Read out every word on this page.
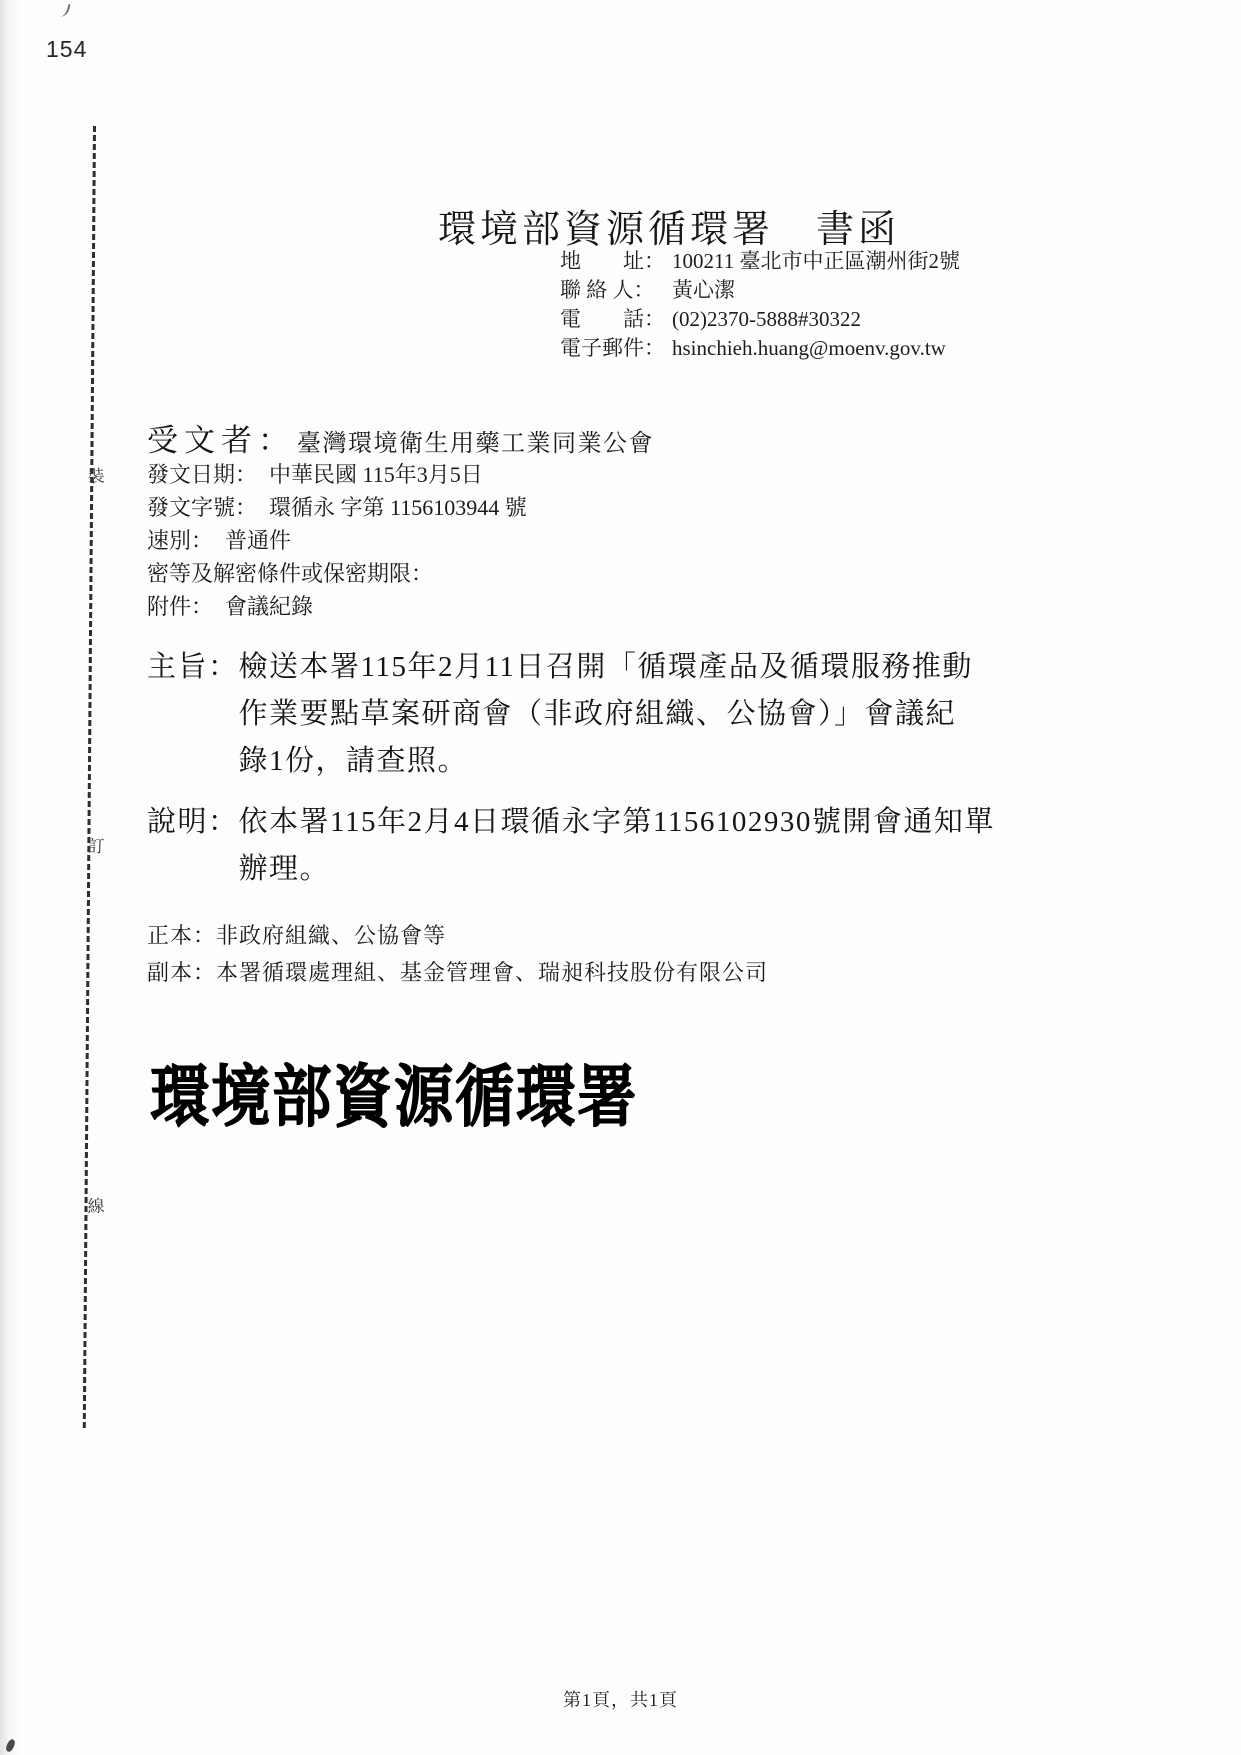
154
裝
訂
線
環境部資源循環署　書函
地　　址： 100211 臺北市中正區潮州街2號
聯 絡 人： 黃心潔
電　　話： (02)2370-5888#30322
電子郵件： hsinchieh.huang@moenv.gov.tw
受文者： 臺灣環境衛生用藥工業同業公會
發文日期： 中華民國 115年3月5日
發文字號： 環循永 字第 1156103944 號
速別： 普通件
密等及解密條件或保密期限：
附件： 會議紀錄
主旨： 檢送本署115年2月11日召開「循環產品及循環服務推動
作業要點草案研商會（非政府組織、公協會）」會議紀
錄1份，請查照。
說明： 依本署115年2月4日環循永字第1156102930號開會通知單
辦理。
正本：非政府組織、公協會等
副本：本署循環處理組、基金管理會、瑞昶科技股份有限公司
環境部資源循環署
第1頁，共1頁
